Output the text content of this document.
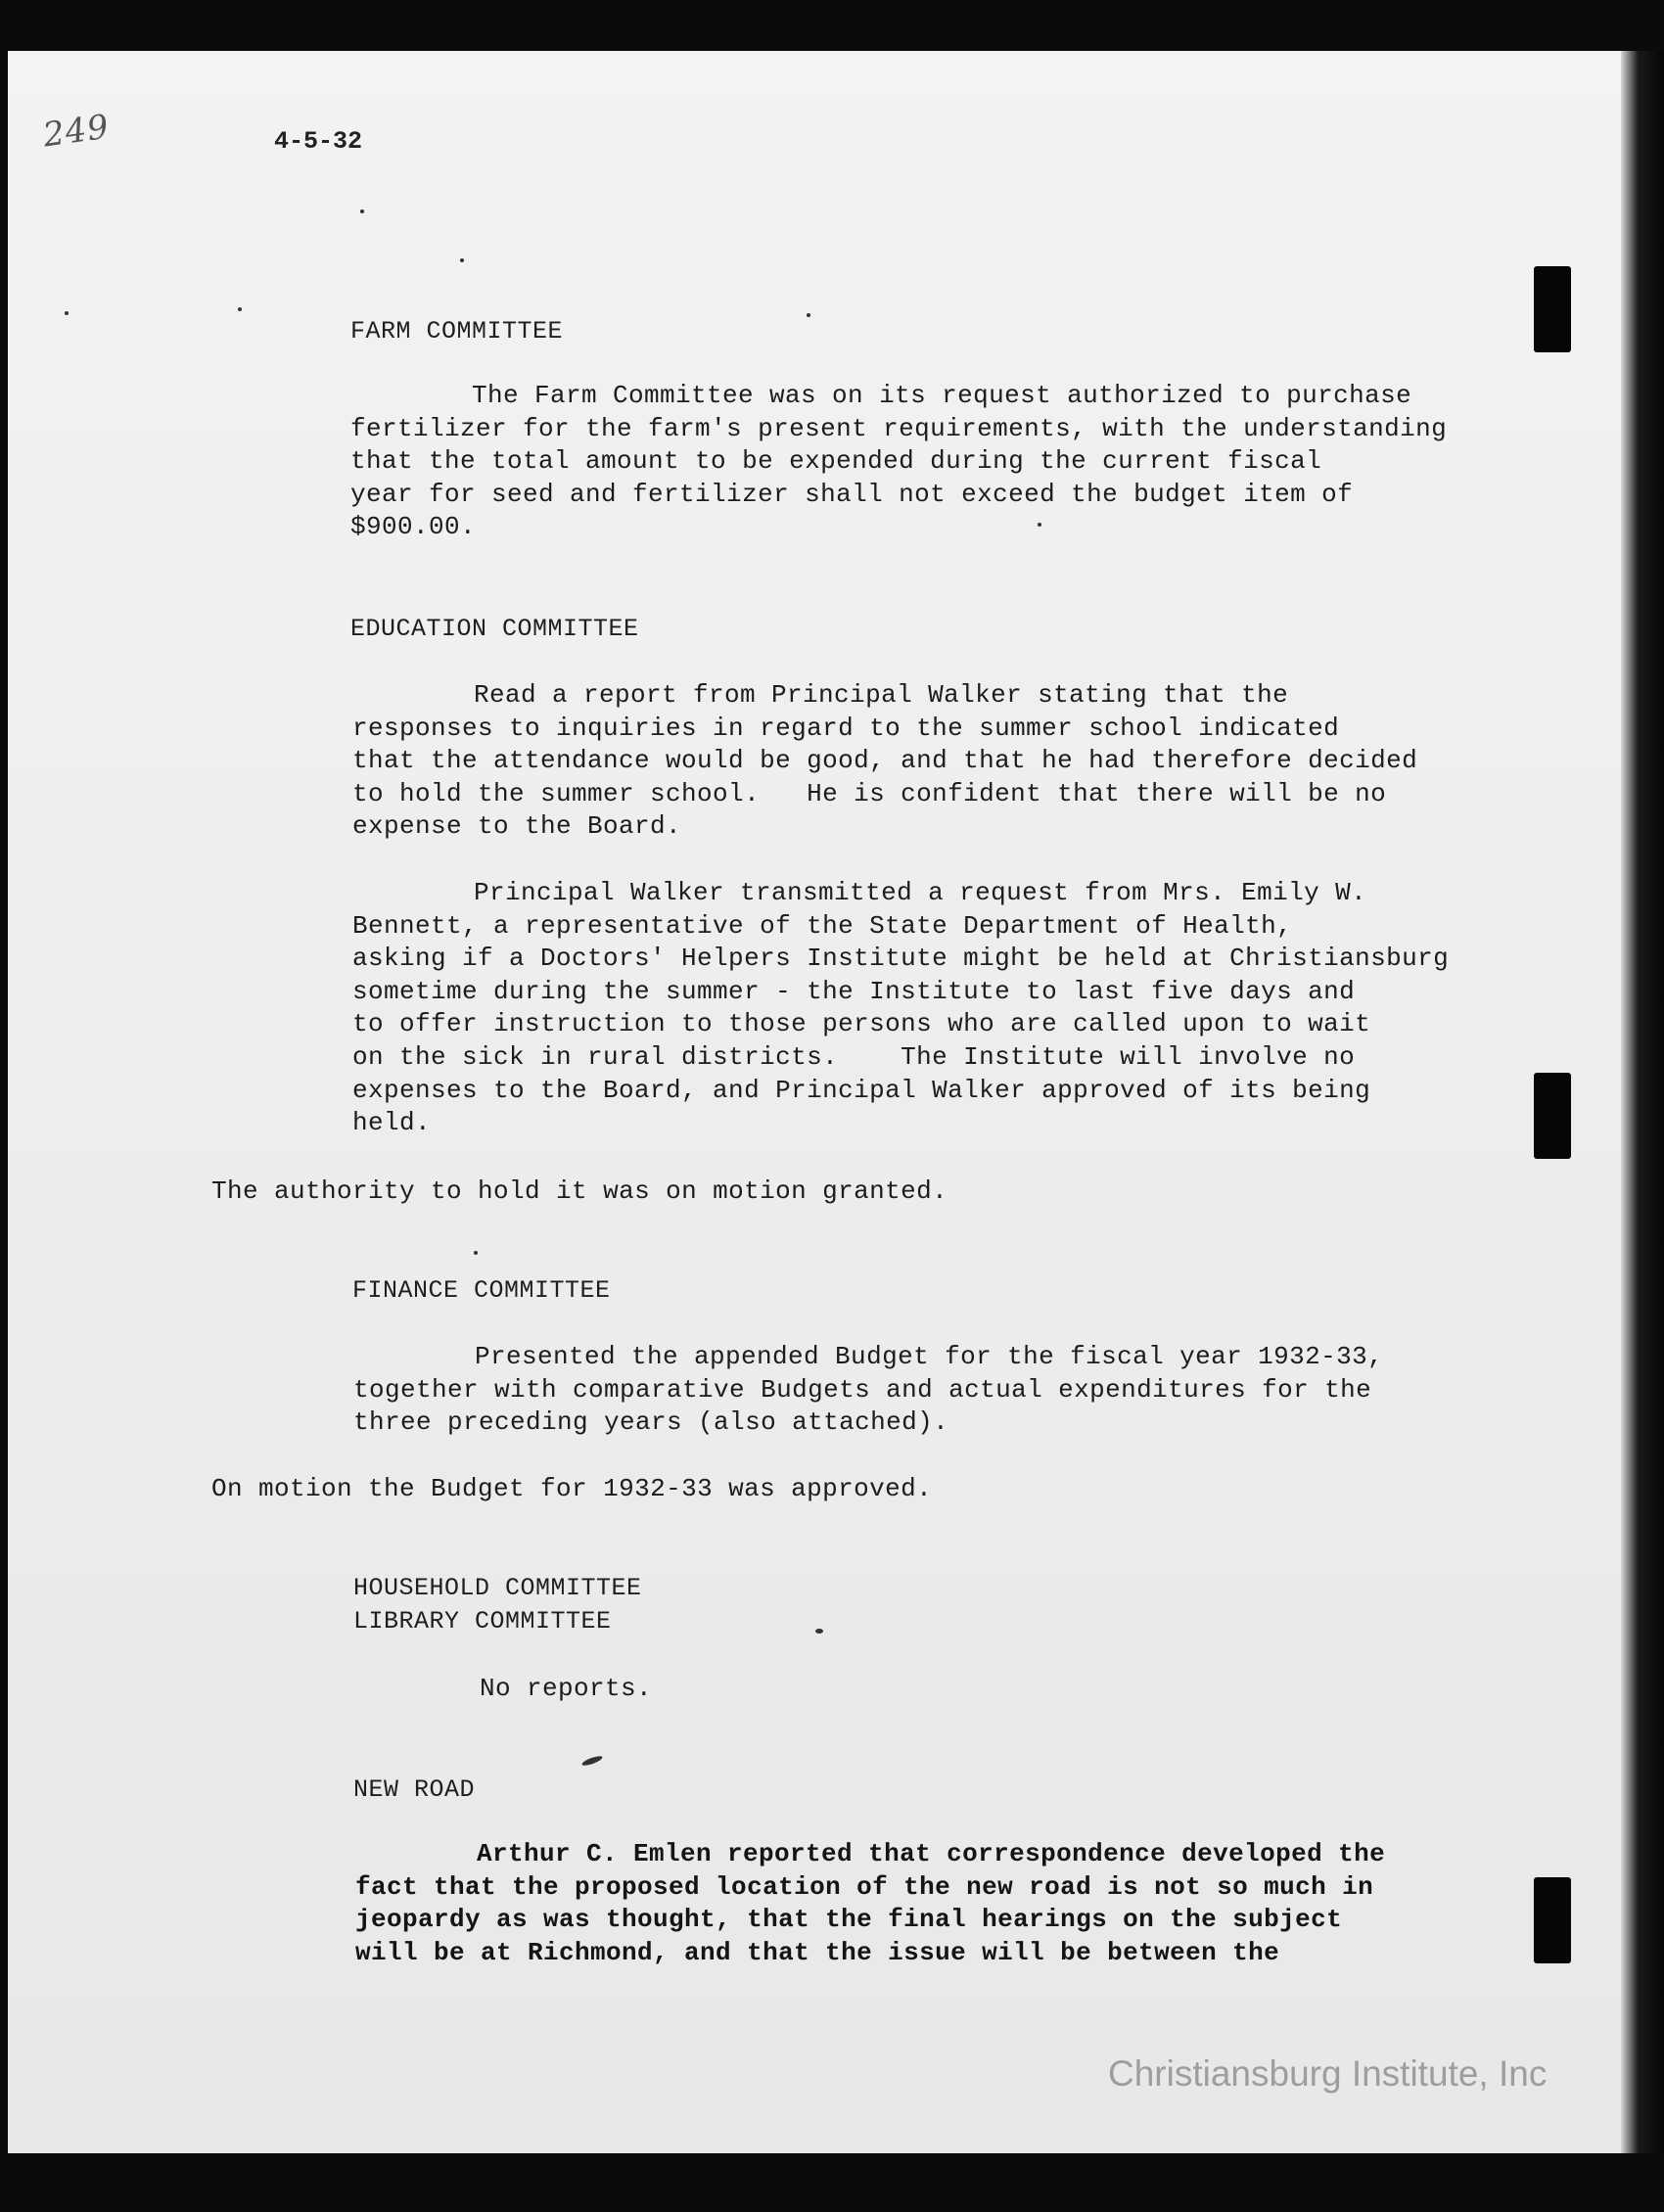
249	4-5-32
FARM COMMITTEE
The Farm Committee was on its request authorized to purchase
fertilizer for the farm's present requirements, with the understanding
that the total amount to be expended during the current fiscal
year for seed and fertilizer shall not exceed the budget item of
$900.00.
EDUCATION COMMITTEE
Read a report from Principal Walker stating that the
responses to inquiries in regard to the summer school indicated
that the attendance would be good, and that he had therefore decided
to hold the summer school.   He is confident that there will be no
expense to the Board.
Principal Walker transmitted a request from Mrs. Emily W.
Bennett, a representative of the State Department of Health,
asking if a Doctors' Helpers Institute might be held at Christiansburg
sometime during the summer - the Institute to last five days and
to offer instruction to those persons who are called upon to wait
on the sick in rural districts.    The Institute will involve no
expenses to the Board, and Principal Walker approved of its being
held.
The authority to hold it was on motion granted.
FINANCE COMMITTEE
Presented the appended Budget for the fiscal year 1932-33,
together with comparative Budgets and actual expenditures for the
three preceding years (also attached).
On motion the Budget for 1932-33 was approved.
HOUSEHOLD COMMITTEE
LIBRARY COMMITTEE
No reports.
NEW ROAD
Arthur C. Emlen reported that correspondence developed the
fact that the proposed location of the new road is not so much in
jeopardy as was thought, that the final hearings on the subject
will be at Richmond, and that the issue will be between the
Christiansburg Institute, Inc
